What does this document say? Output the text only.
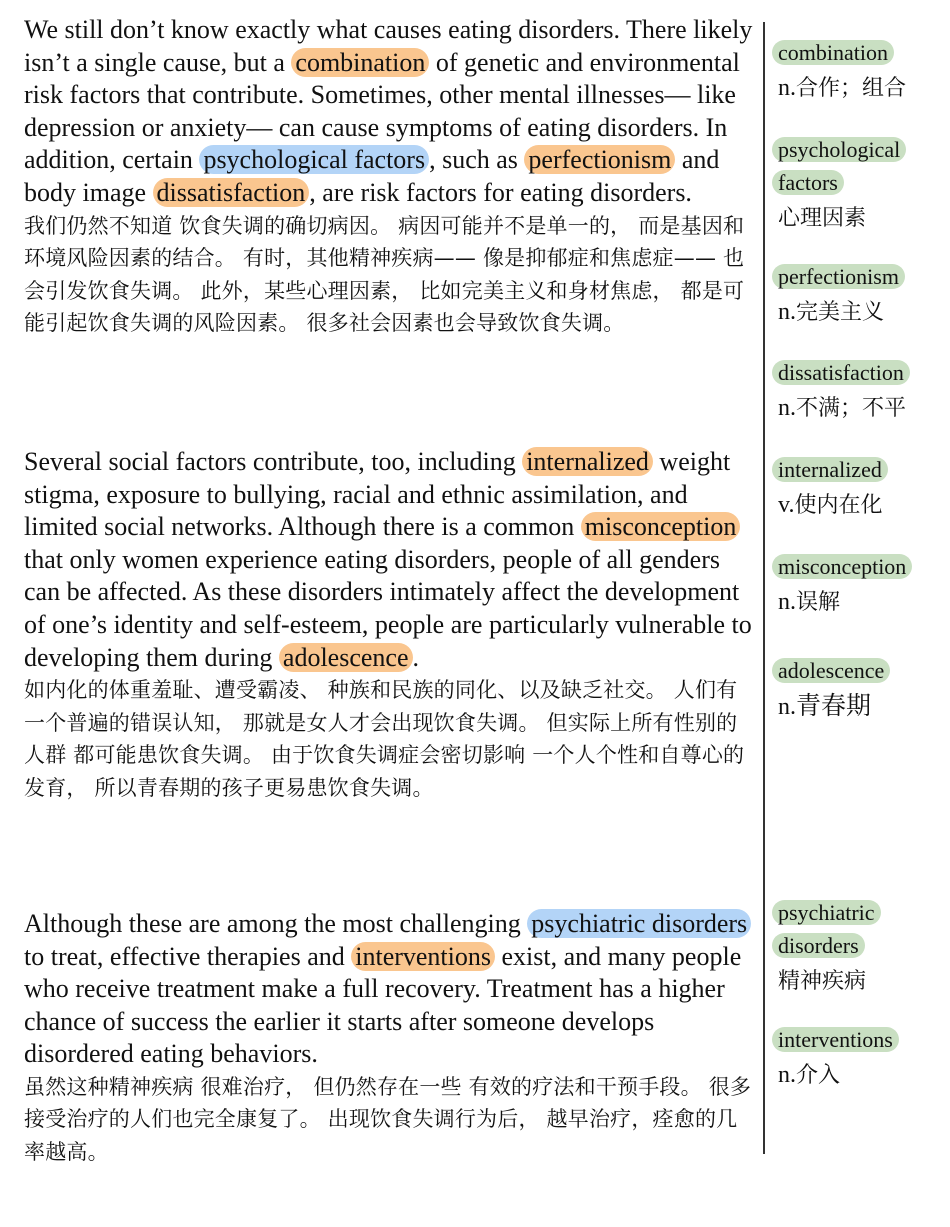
We still don’t know exactly what causes eating disorders. There likely isn’t a single cause, but a combination of genetic and environmental risk factors that contribute. Sometimes, other mental illnesses— like depression or anxiety— can cause symptoms of eating disorders. In addition, certain psychological factors , such as perfectionism and body image dissatisfaction , are risk factors for eating disorders.

我们仍然不知道 饮食失调的确切病因。 病因可能并不是单一的， 而是基因和环境风险因素的结合。 有时，其他精神疾病—— 像是抑郁症和焦虑症—— 也会引发饮食失调。 此外，某些心理因素， 比如完美主义和身材焦虑， 都是可能引起饮食失调的风险因素。 很多社会因素也会导致饮食失调。

Several social factors contribute, too, including internalized weight stigma, exposure to bullying, racial and ethnic assimilation, and limited social networks. Although there is a common misconception that only women experience eating disorders, people of all genders can be affected. As these disorders intimately affect the development of one’s identity and self-esteem, people are particularly vulnerable to developing them during adolescence .

如内化的体重羞耻、遭受霸凌、 种族和民族的同化、以及缺乏社交。 人们有一个普遍的错误认知， 那就是女人才会出现饮食失调。 但实际上所有性别的人群 都可能患饮食失调。 由于饮食失调症会密切影响 一个人个性和自尊心的发育， 所以青春期的孩子更易患饮食失调。

Although these are among the most challenging psychiatric disorders to treat, effective therapies and interventions exist, and many people who receive treatment make a full recovery. Treatment has a higher chance of success the earlier it starts after someone develops disordered eating behaviors.

虽然这种精神疾病 很难治疗， 但仍然存在一些 有效的疗法和干预手段。 很多接受治疗的人们也完全康复了。 出现饮食失调行为后， 越早治疗，痊愈的几率越高。

combination

n.合作；组合

psychological factors

心理因素

perfectionism

n.完美主义

dissatisfaction

n.不满；不平

internalized

v.使内在化

misconception

n.误解

adolescence

n.青春期

psychiatric disorders

精神疾病

interventions

n.介入
